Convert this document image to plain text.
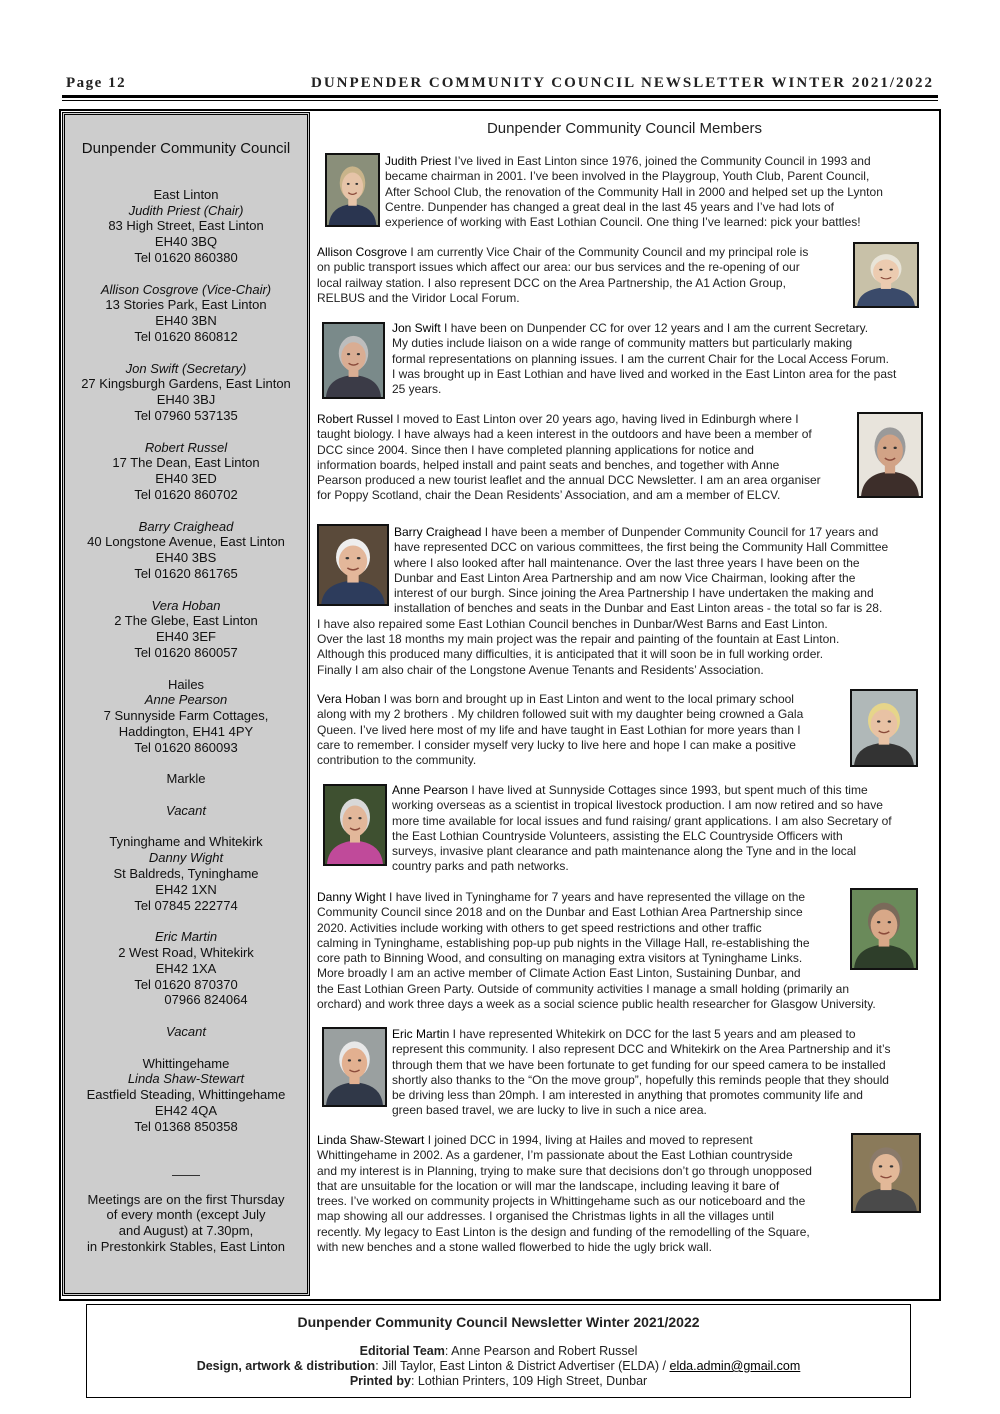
Page 12	DUNPENDER COMMUNITY COUNCIL NEWSLETTER WINTER 2021/2022
Dunpender Community Council
East Linton
Judith Priest (Chair)
83 High Street, East Linton
EH40 3BQ
Tel 01620 860380
Allison Cosgrove (Vice-Chair)
13 Stories Park, East Linton
EH40 3BN
Tel 01620 860812
Jon Swift (Secretary)
27 Kingsburgh Gardens, East Linton
EH40 3BJ
Tel 07960 537135
Robert Russel
17 The Dean, East Linton
EH40 3ED
Tel 01620 860702
Barry Craighead
40 Longstone Avenue, East Linton
EH40 3BS
Tel 01620 861765
Vera Hoban
2 The Glebe, East Linton
EH40 3EF
Tel 01620 860057
Hailes
Anne Pearson
7 Sunnyside Farm Cottages,
Haddington, EH41 4PY
Tel 01620 860093
Markle
Vacant
Tyninghame and Whitekirk
Danny Wight
St Baldreds, Tyninghame
EH42 1XN
Tel 07845 222774
Eric Martin
2 West Road, Whitekirk
EH42 1XA
Tel 01620 870370
07966 824064
Vacant
Whittingehame
Linda Shaw-Stewart
Eastfield Steading, Whittingehame
EH42 4QA
Tel 01368 850358
Meetings are on the first Thursday
of every month (except July
and August) at 7.30pm,
in Prestonkirk Stables, East Linton
Dunpender Community Council Members
Judith Priest I’ve lived in East Linton since 1976, joined the Community Council in 1993 and
became chairman in 2001. I’ve been involved in the Playgroup, Youth Club, Parent Council,
After School Club, the renovation of the Community Hall in 2000 and helped set up the Lynton
Centre. Dunpender has changed a great deal in the last 45 years and I’ve had lots of
experience of working with East Lothian Council. One thing I’ve learned: pick your battles!
Allison Cosgrove I am currently Vice Chair of the Community Council and my principal role is
on public transport issues which affect our area: our bus services and the re-opening of our
local railway station. I also represent DCC on the Area Partnership, the A1 Action Group,
RELBUS and the Viridor Local Forum.
Jon Swift I have been on Dunpender CC for over 12 years and I am the current Secretary.
My duties include liaison on a wide range of community matters but particularly making
formal representations on planning issues. I am the current Chair for the Local Access Forum.
I was brought up in East Lothian and have lived and worked in the East Linton area for the past
25 years.
Robert Russel I moved to East Linton over 20 years ago, having lived in Edinburgh where I
taught biology. I have always had a keen interest in the outdoors and have been a member of
DCC since 2004. Since then I have completed planning applications for notice and
information boards, helped install and paint seats and benches, and together with Anne
Pearson produced a new tourist leaflet and the annual DCC Newsletter. I am an area organiser
for Poppy Scotland, chair the Dean Residents’ Association, and am a member of ELCV.
Barry Craighead I have been a member of Dunpender Community Council for 17 years and
have represented DCC on various committees, the first being the Community Hall Committee
where I also looked after hall maintenance. Over the last three years I have been on the
Dunbar and East Linton Area Partnership and am now Vice Chairman, looking after the
interest of our burgh. Since joining the Area Partnership I have undertaken the making and
installation of benches and seats in the Dunbar and East Linton areas - the total so far is 28.
I have also repaired some East Lothian Council benches in Dunbar/West Barns and East Linton.
Over the last 18 months my main project was the repair and painting of the fountain at East Linton.
Although this produced many difficulties, it is anticipated that it will soon be in full working order.
Finally I am also chair of the Longstone Avenue Tenants and Residents’ Association.
Vera Hoban I was born and brought up in East Linton and went to the local primary school
along with my 2 brothers . My children followed suit with my daughter being crowned a Gala
Queen. I’ve lived here most of my life and have taught in East Lothian for more years than I
care to remember. I consider myself very lucky to live here and hope I can make a positive
contribution to the community.
Anne Pearson I have lived at Sunnyside Cottages since 1993, but spent much of this time
working overseas as a scientist in tropical livestock production. I am now retired and so have
more time available for local issues and fund raising/ grant applications. I am also Secretary of
the East Lothian Countryside Volunteers, assisting the ELC Countryside Officers with
surveys, invasive plant clearance and path maintenance along the Tyne and in the local
country parks and path networks.
Danny Wight I have lived in Tyninghame for 7 years and have represented the village on the
Community Council since 2018 and on the Dunbar and East Lothian Area Partnership since
2020. Activities include working with others to get speed restrictions and other traffic
calming in Tyninghame, establishing pop-up pub nights in the Village Hall, re-establishing the
core path to Binning Wood, and consulting on managing extra visitors at Tyninghame Links.
More broadly I am an active member of Climate Action East Linton, Sustaining Dunbar, and
the East Lothian Green Party. Outside of community activities I manage a small holding (primarily an
orchard) and work three days a week as a social science public health researcher for Glasgow University.
Eric Martin I have represented Whitekirk on DCC for the last 5 years and am pleased to
represent this community. I also represent DCC and Whitekirk on the Area Partnership and it’s
through them that we have been fortunate to get funding for our speed camera to be installed
shortly also thanks to the “On the move group”, hopefully this reminds people that they should
be driving less than 20mph. I am interested in anything that promotes community life and
green based travel, we are lucky to live in such a nice area.
Linda Shaw-Stewart I joined DCC in 1994, living at Hailes and moved to represent
Whittingehame in 2002. As a gardener, I’m passionate about the East Lothian countryside
and my interest is in Planning, trying to make sure that decisions don’t go through unopposed
that are unsuitable for the location or will mar the landscape, including leaving it bare of
trees. I’ve worked on community projects in Whittingehame such as our noticeboard and the
map showing all our addresses. I organised the Christmas lights in all the villages until
recently. My legacy to East Linton is the design and funding of the remodelling of the Square,
with new benches and a stone walled flowerbed to hide the ugly brick wall.
Dunpender Community Council Newsletter Winter 2021/2022
Editorial Team: Anne Pearson and Robert Russel
Design, artwork & distribution: Jill Taylor, East Linton & District Advertiser (ELDA) / elda.admin@gmail.com
Printed by: Lothian Printers, 109 High Street, Dunbar
